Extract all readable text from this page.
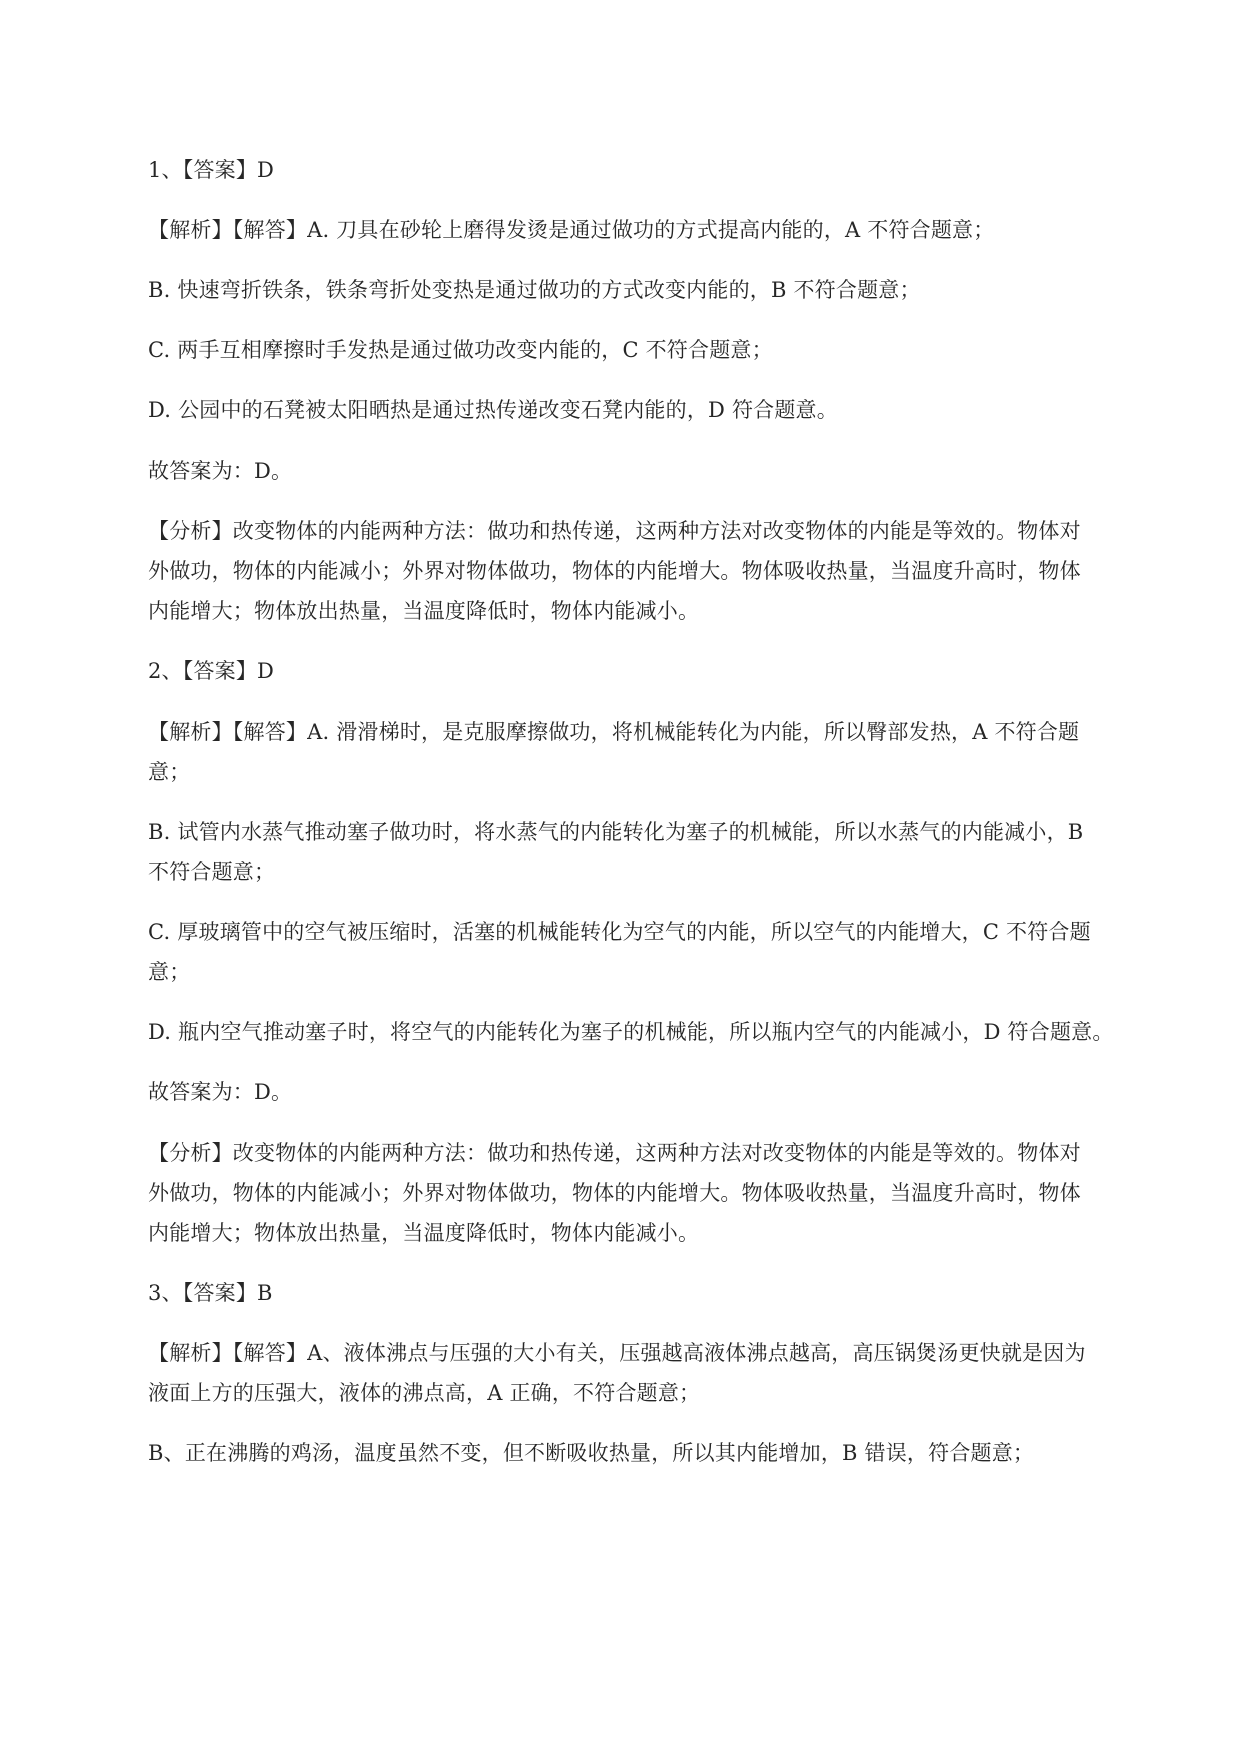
1、【答案】D
【解析】【解答】A. 刀具在砂轮上磨得发烫是通过做功的方式提高内能的，A 不符合题意；
B. 快速弯折铁条，铁条弯折处变热是通过做功的方式改变内能的，B 不符合题意；
C. 两手互相摩擦时手发热是通过做功改变内能的，C 不符合题意；
D. 公园中的石凳被太阳晒热是通过热传递改变石凳内能的，D 符合题意。
故答案为：D。
【分析】改变物体的内能两种方法：做功和热传递，这两种方法对改变物体的内能是等效的。物体对
外做功，物体的内能减小；外界对物体做功，物体的内能增大。物体吸收热量，当温度升高时，物体
内能增大；物体放出热量，当温度降低时，物体内能减小。
2、【答案】D
【解析】【解答】A. 滑滑梯时，是克服摩擦做功，将机械能转化为内能，所以臀部发热，A 不符合题
意；
B. 试管内水蒸气推动塞子做功时，将水蒸气的内能转化为塞子的机械能，所以水蒸气的内能减小，B
不符合题意；
C. 厚玻璃管中的空气被压缩时，活塞的机械能转化为空气的内能，所以空气的内能增大，C 不符合题
意；
D. 瓶内空气推动塞子时，将空气的内能转化为塞子的机械能，所以瓶内空气的内能减小，D 符合题意。
故答案为：D。
【分析】改变物体的内能两种方法：做功和热传递，这两种方法对改变物体的内能是等效的。物体对
外做功，物体的内能减小；外界对物体做功，物体的内能增大。物体吸收热量，当温度升高时，物体
内能增大；物体放出热量，当温度降低时，物体内能减小。
3、【答案】B
【解析】【解答】A、液体沸点与压强的大小有关，压强越高液体沸点越高，高压锅煲汤更快就是因为
液面上方的压强大，液体的沸点高，A 正确，不符合题意；
B、正在沸腾的鸡汤，温度虽然不变，但不断吸收热量，所以其内能增加，B 错误，符合题意；
